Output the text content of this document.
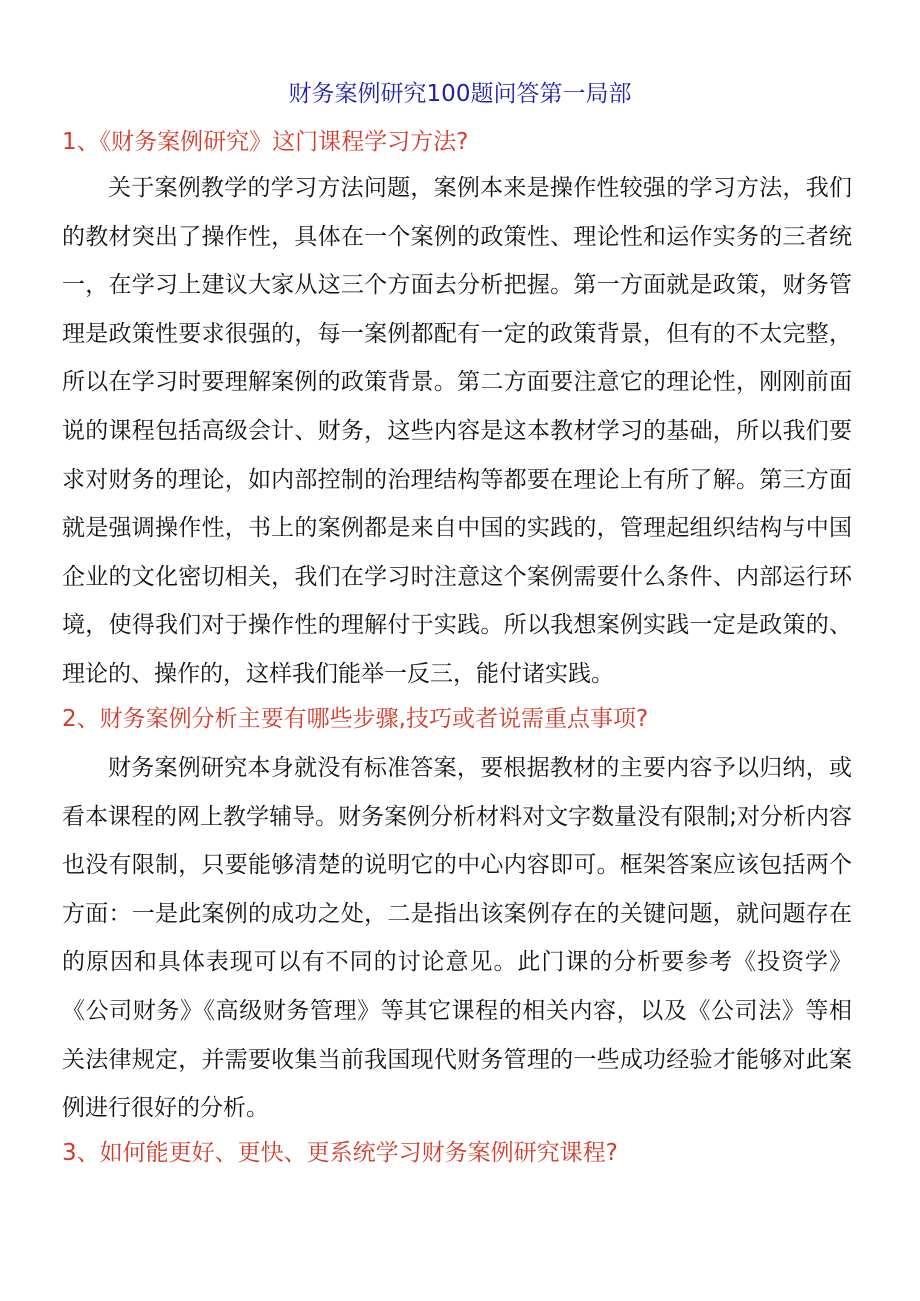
财务案例研究100题问答第一局部
1、《财务案例研究》这门课程学习方法?
关于案例教学的学习方法问题，案例本来是操作性较强的学习方法，我们的教材突出了操作性，具体在一个案例的政策性、理论性和运作实务的三者统一，在学习上建议大家从这三个方面去分析把握。第一方面就是政策，财务管理是政策性要求很强的，每一案例都配有一定的政策背景，但有的不太完整，所以在学习时要理解案例的政策背景。第二方面要注意它的理论性，刚刚前面说的课程包括高级会计、财务，这些内容是这本教材学习的基础，所以我们要求对财务的理论，如内部控制的治理结构等都要在理论上有所了解。第三方面就是强调操作性，书上的案例都是来自中国的实践的，管理起组织结构与中国企业的文化密切相关，我们在学习时注意这个案例需要什么条件、内部运行环境，使得我们对于操作性的理解付于实践。所以我想案例实践一定是政策的、理论的、操作的，这样我们能举一反三，能付诸实践。
2、财务案例分析主要有哪些步骤,技巧或者说需重点事项?
财务案例研究本身就没有标准答案，要根据教材的主要内容予以归纳，或看本课程的网上教学辅导。财务案例分析材料对文字数量没有限制;对分析内容也没有限制，只要能够清楚的说明它的中心内容即可。框架答案应该包括两个方面：一是此案例的成功之处，二是指出该案例存在的关键问题，就问题存在的原因和具体表现可以有不同的讨论意见。此门课的分析要参考《投资学》《公司财务》《高级财务管理》等其它课程的相关内容，以及《公司法》等相关法律规定，并需要收集当前我国现代财务管理的一些成功经验才能够对此案例进行很好的分析。
3、如何能更好、更快、更系统学习财务案例研究课程?
